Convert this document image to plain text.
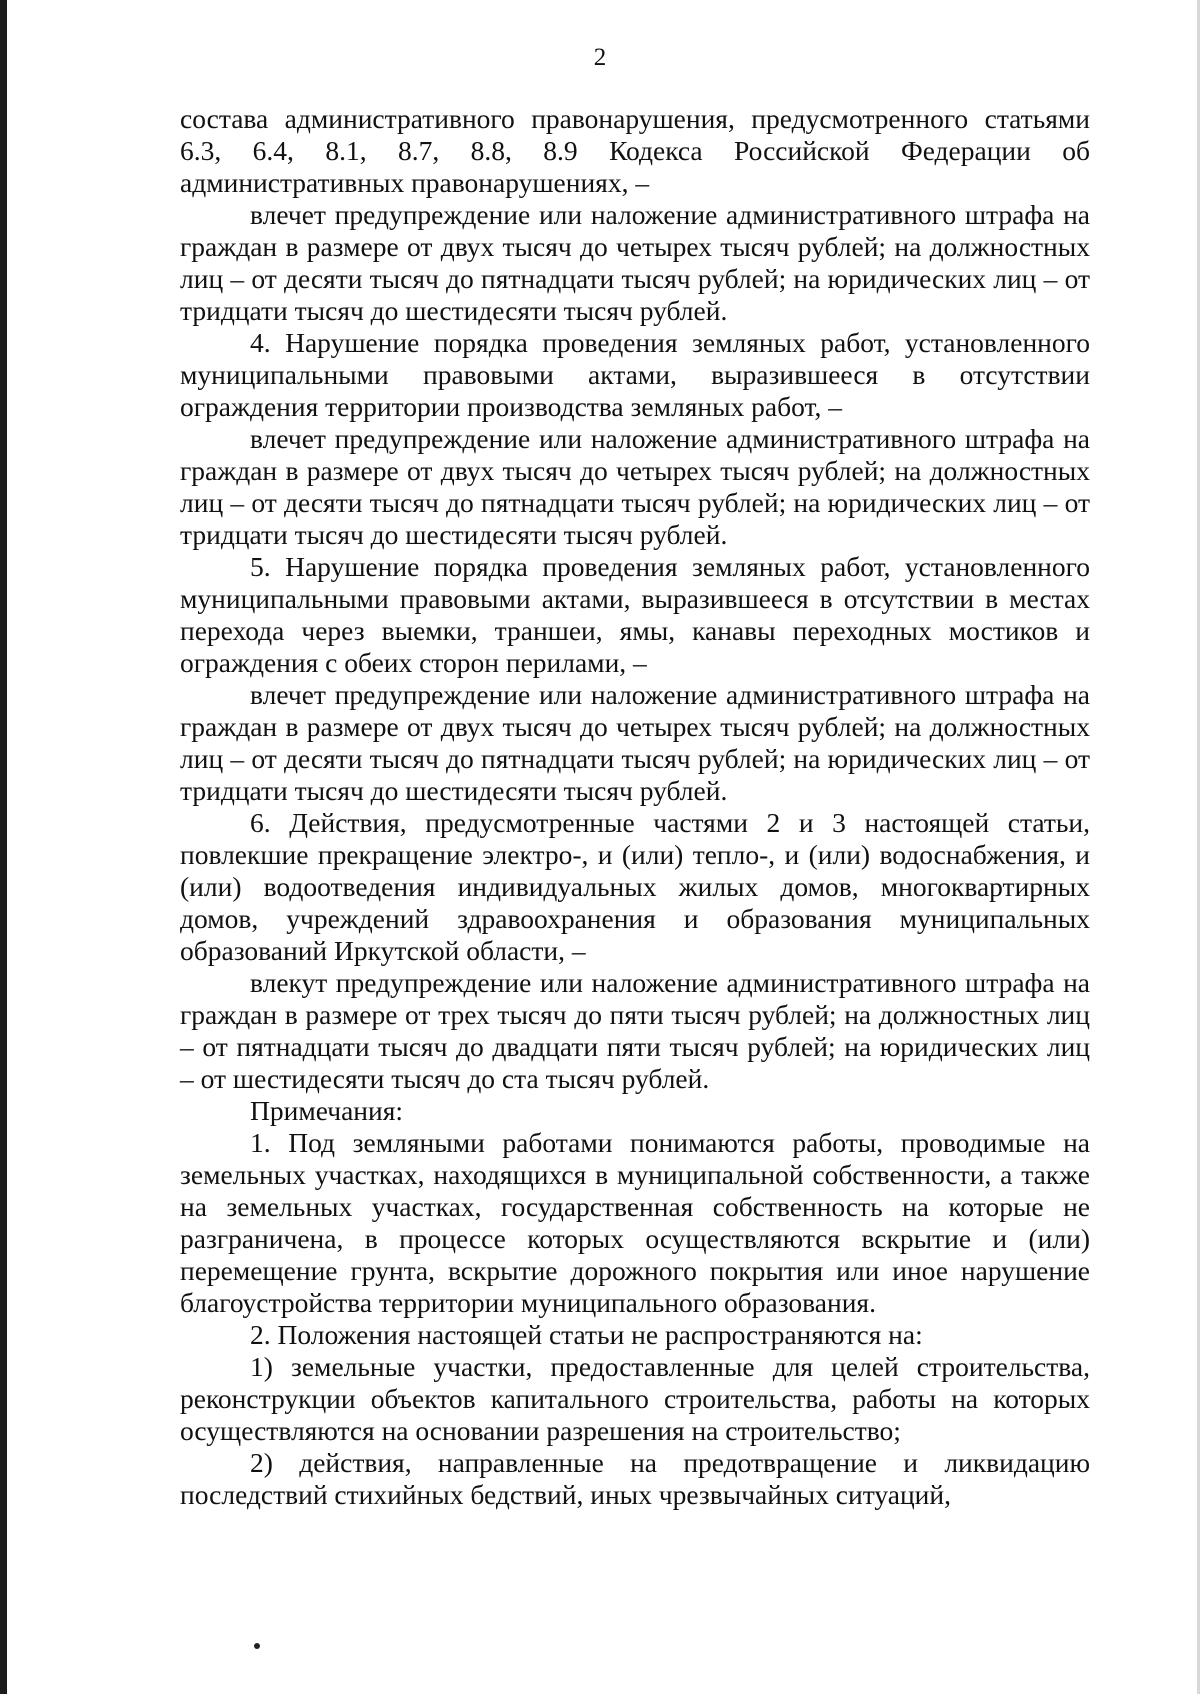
2

состава административного правонарушения, предусмотренного статьями 6.3, 6.4, 8.1, 8.7, 8.8, 8.9 Кодекса Российской Федерации об административных правонарушениях, –

влечет предупреждение или наложение административного штрафа на граждан в размере от двух тысяч до четырех тысяч рублей; на должностных лиц – от десяти тысяч до пятнадцати тысяч рублей; на юридических лиц – от тридцати тысяч до шестидесяти тысяч рублей.

4. Нарушение порядка проведения земляных работ, установленного муниципальными правовыми актами, выразившееся в отсутствии ограждения территории производства земляных работ, –

влечет предупреждение или наложение административного штрафа на граждан в размере от двух тысяч до четырех тысяч рублей; на должностных лиц – от десяти тысяч до пятнадцати тысяч рублей; на юридических лиц – от тридцати тысяч до шестидесяти тысяч рублей.

5. Нарушение порядка проведения земляных работ, установленного муниципальными правовыми актами, выразившееся в отсутствии в местах перехода через выемки, траншеи, ямы, канавы переходных мостиков и ограждения с обеих сторон перилами, –

влечет предупреждение или наложение административного штрафа на граждан в размере от двух тысяч до четырех тысяч рублей; на должностных лиц – от десяти тысяч до пятнадцати тысяч рублей; на юридических лиц – от тридцати тысяч до шестидесяти тысяч рублей.

6. Действия, предусмотренные частями 2 и 3 настоящей статьи, повлекшие прекращение электро-, и (или) тепло-, и (или) водоснабжения, и (или) водоотведения индивидуальных жилых домов, многоквартирных домов, учреждений здравоохранения и образования муниципальных образований Иркутской области, –

влекут предупреждение или наложение административного штрафа на граждан в размере от трех тысяч до пяти тысяч рублей; на должностных лиц – от пятнадцати тысяч до двадцати пяти тысяч рублей; на юридических лиц – от шестидесяти тысяч до ста тысяч рублей.

Примечания:

1. Под земляными работами понимаются работы, проводимые на земельных участках, находящихся в муниципальной собственности, а также на земельных участках, государственная собственность на которые не разграничена, в процессе которых осуществляются вскрытие и (или) перемещение грунта, вскрытие дорожного покрытия или иное нарушение благоустройства территории муниципального образования.

2. Положения настоящей статьи не распространяются на:

1) земельные участки, предоставленные для целей строительства, реконструкции объектов капитального строительства, работы на которых осуществляются на основании разрешения на строительство;

2) действия, направленные на предотвращение и ликвидацию последствий стихийных бедствий, иных чрезвычайных ситуаций,
